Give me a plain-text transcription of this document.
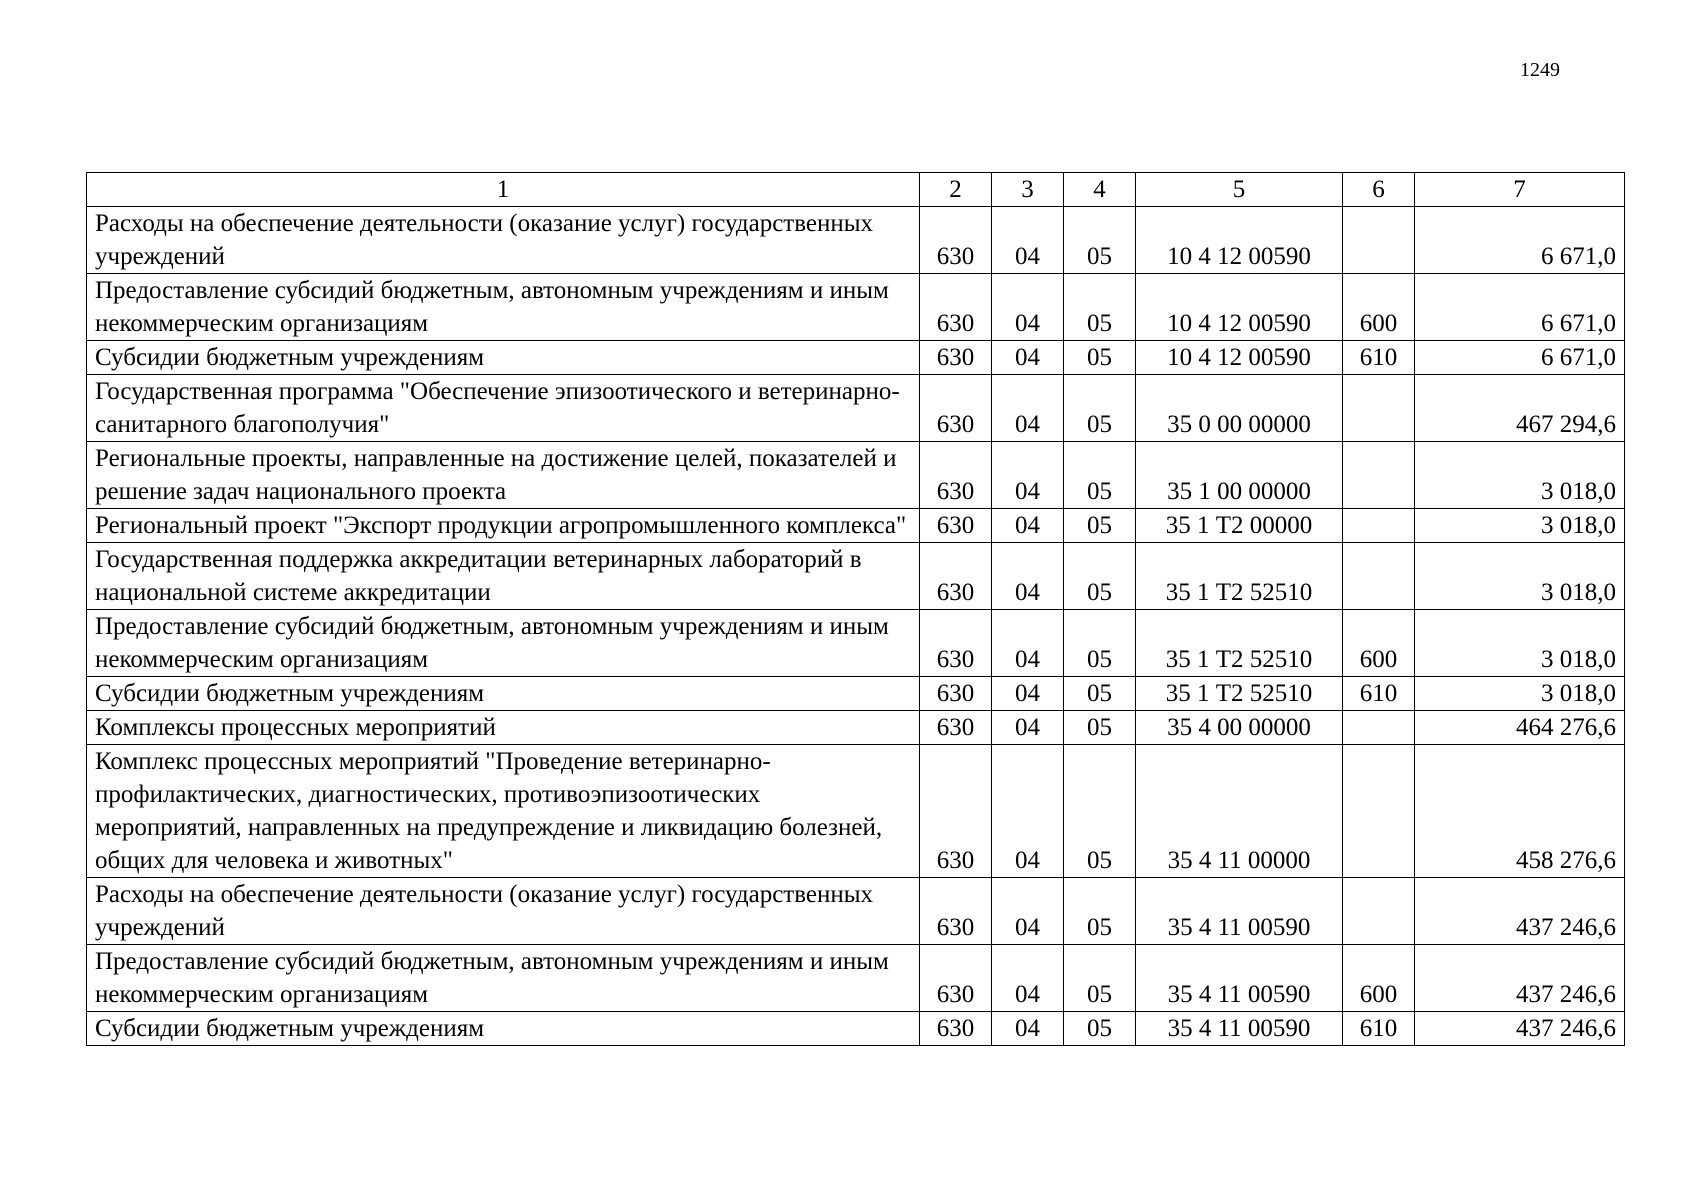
1249
1	2	3	4	5	6	7
Расходы на обеспечение деятельности (оказание услуг) государственных учреждений	630	04	05	10 4 12 00590		6 671,0
Предоставление субсидий бюджетным, автономным учреждениям и иным некоммерческим организациям	630	04	05	10 4 12 00590	600	6 671,0
Субсидии бюджетным учреждениям	630	04	05	10 4 12 00590	610	6 671,0
Государственная программа "Обеспечение эпизоотического и ветеринарно-санитарного благополучия"	630	04	05	35 0 00 00000		467 294,6
Региональные проекты, направленные на достижение целей, показателей и решение задач национального проекта	630	04	05	35 1 00 00000		3 018,0
Региональный проект "Экспорт продукции агропромышленного комплекса"	630	04	05	35 1 Т2 00000		3 018,0
Государственная поддержка аккредитации ветеринарных лабораторий в национальной системе аккредитации	630	04	05	35 1 Т2 52510		3 018,0
Предоставление субсидий бюджетным, автономным учреждениям и иным некоммерческим организациям	630	04	05	35 1 Т2 52510	600	3 018,0
Субсидии бюджетным учреждениям	630	04	05	35 1 Т2 52510	610	3 018,0
Комплексы процессных мероприятий	630	04	05	35 4 00 00000		464 276,6
Комплекс процессных мероприятий "Проведение ветеринарно-профилактических, диагностических, противоэпизоотических мероприятий, направленных на предупреждение и ликвидацию болезней, общих для человека и животных"	630	04	05	35 4 11 00000		458 276,6
Расходы на обеспечение деятельности (оказание услуг) государственных учреждений	630	04	05	35 4 11 00590		437 246,6
Предоставление субсидий бюджетным, автономным учреждениям и иным некоммерческим организациям	630	04	05	35 4 11 00590	600	437 246,6
Субсидии бюджетным учреждениям	630	04	05	35 4 11 00590	610	437 246,6
